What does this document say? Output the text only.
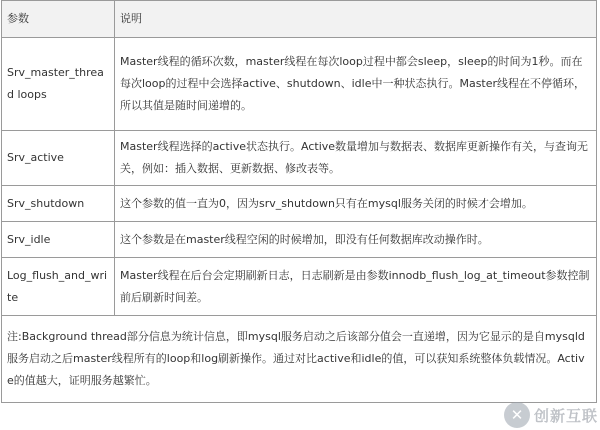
参数	说明
Srv_master_thread loops	Master线程的循环次数，master线程在每次loop过程中都会sleep，sleep的时间为1秒。而在每次loop的过程中会选择active、shutdown、idle中一种状态执行。Master线程在不停循环，所以其值是随时间递增的。
Srv_active	Master线程选择的active状态执行。Active数量增加与数据表、数据库更新操作有关，与查询无关，例如：插入数据、更新数据、修改表等。
Srv_shutdown	这个参数的值一直为0，因为srv_shutdown只有在mysql服务关闭的时候才会增加。
Srv_idle	这个参数是在master线程空闲的时候增加，即没有任何数据库改动操作时。
Log_flush_and_write	Master线程在后台会定期刷新日志，日志刷新是由参数innodb_flush_log_at_timeout参数控制前后刷新时间差。
注:Background thread部分信息为统计信息，即mysql服务启动之后该部分值会一直递增，因为它显示的是自mysqld服务启动之后master线程所有的loop和log刷新操作。通过对比active和idle的值，可以获知系统整体负载情况。Active的值越大，证明服务越繁忙。	
✕ 创新互联
